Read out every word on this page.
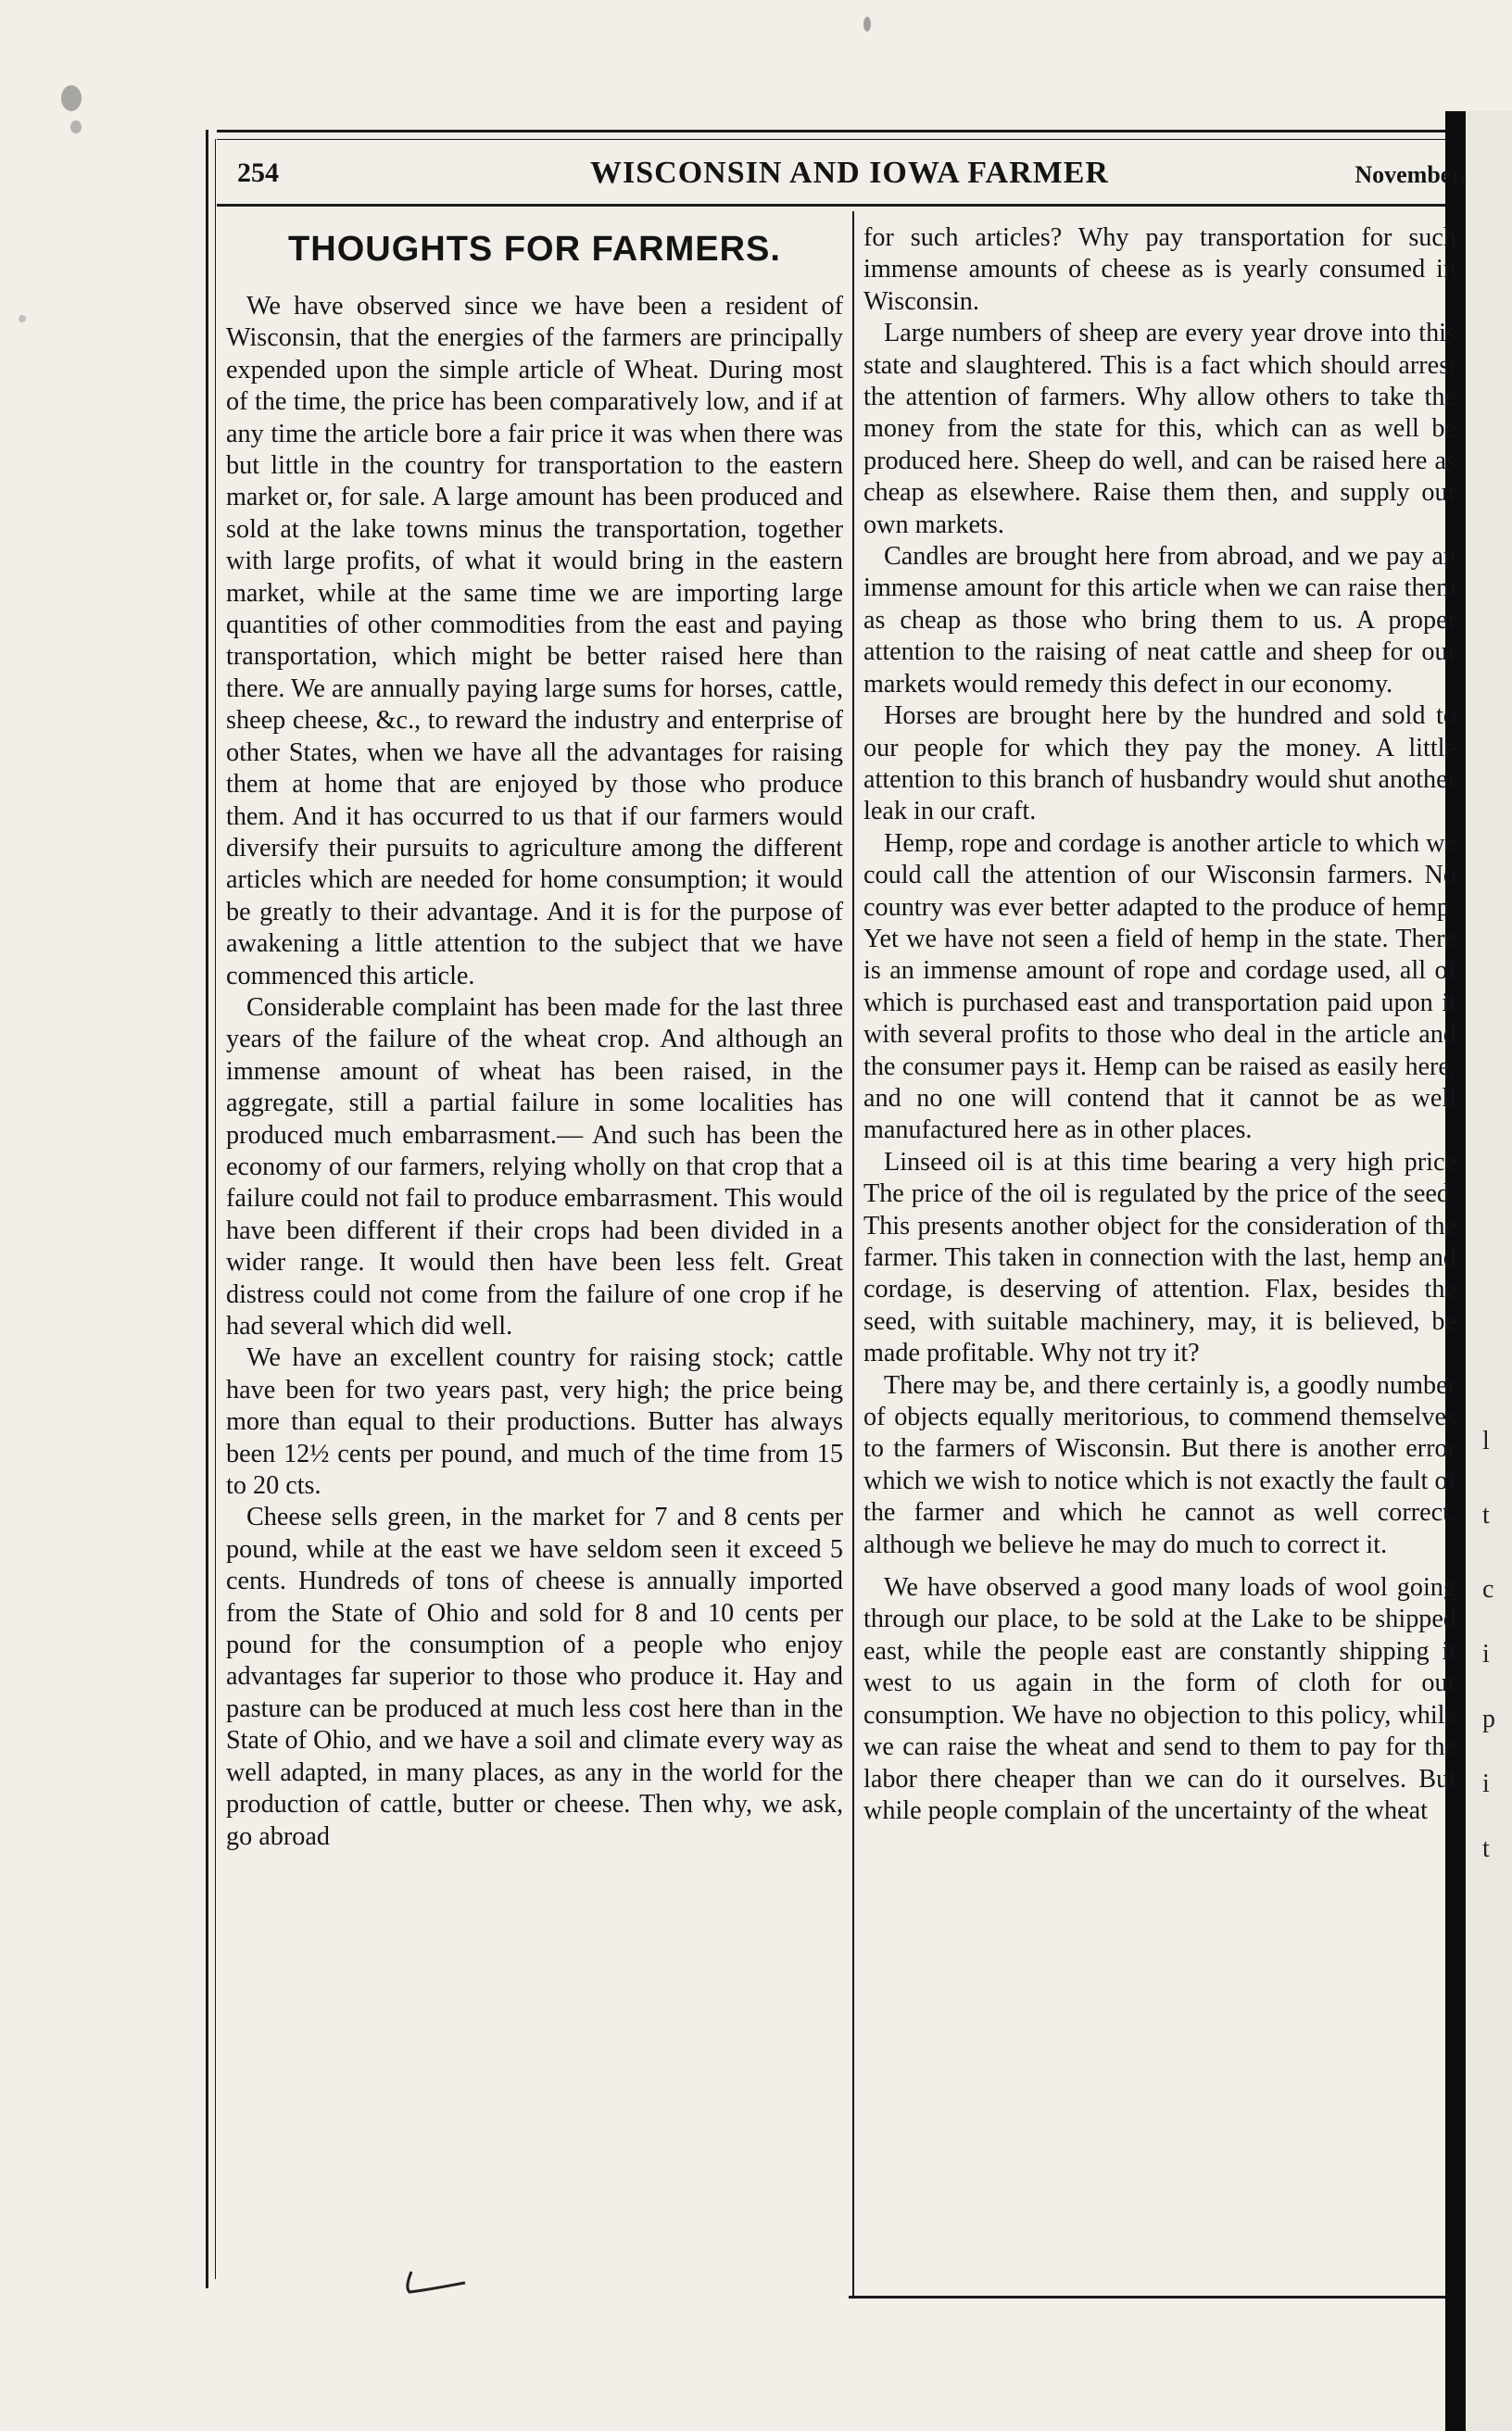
l
t
c
i
p
i
t
254	WISCONSIN AND IOWA FARMER	November,

THOUGHTS FOR FARMERS.

We have observed since we have been a resident of Wisconsin, that the energies of the farmers are principally expended upon the simple article of Wheat. During most of the time, the price has been comparatively low, and if at any time the article bore a fair price it was when there was but little in the country for transportation to the eastern market or, for sale. A large amount has been produced and sold at the lake towns minus the transportation, together with large profits, of what it would bring in the eastern market, while at the same time we are importing large quantities of other commodities from the east and paying transportation, which might be better raised here than there. We are annually paying large sums for horses, cattle, sheep cheese, &c., to reward the industry and enterprise of other States, when we have all the advantages for raising them at home that are enjoyed by those who produce them. And it has occurred to us that if our farmers would diversify their pursuits to agriculture among the different articles which are needed for home consumption; it would be greatly to their advantage. And it is for the purpose of awakening a little attention to the subject that we have commenced this article.

Considerable complaint has been made for the last three years of the failure of the wheat crop. And although an immense amount of wheat has been raised, in the aggregate, still a partial failure in some localities has produced much embarrasment.— And such has been the economy of our farmers, relying wholly on that crop that a failure could not fail to produce embarrasment. This would have been different if their crops had been divided in a wider range. It would then have been less felt. Great distress could not come from the failure of one crop if he had several which did well.

We have an excellent country for raising stock; cattle have been for two years past, very high; the price being more than equal to their productions. Butter has always been 12½ cents per pound, and much of the time from 15 to 20 cts.

Cheese sells green, in the market for 7 and 8 cents per pound, while at the east we have seldom seen it exceed 5 cents. Hundreds of tons of cheese is annually imported from the State of Ohio and sold for 8 and 10 cents per pound for the consumption of a people who enjoy advantages far superior to those who produce it. Hay and pasture can be produced at much less cost here than in the State of Ohio, and we have a soil and climate every way as well adapted, in many places, as any in the world for the production of cattle, butter or cheese. Then why, we ask, go abroad

for such articles? Why pay transportation for such immense amounts of cheese as is yearly consumed in Wisconsin.

Large numbers of sheep are every year drove into this state and slaughtered. This is a fact which should arrest the attention of farmers. Why allow others to take the money from the state for this, which can as well be produced here. Sheep do well, and can be raised here as cheap as elsewhere. Raise them then, and supply our own markets.

Candles are brought here from abroad, and we pay an immense amount for this article when we can raise them as cheap as those who bring them to us. A proper attention to the raising of neat cattle and sheep for our markets would remedy this defect in our economy.

Horses are brought here by the hundred and sold to our people for which they pay the money. A little attention to this branch of husbandry would shut another leak in our craft.

Hemp, rope and cordage is another article to which we could call the attention of our Wisconsin farmers. No country was ever better adapted to the produce of hemp. Yet we have not seen a field of hemp in the state. There is an immense amount of rope and cordage used, all of which is purchased east and transportation paid upon it with several profits to those who deal in the article and the consumer pays it. Hemp can be raised as easily here, and no one will contend that it cannot be as well manufactured here as in other places.

Linseed oil is at this time bearing a very high price The price of the oil is regulated by the price of the seed. This presents another object for the consideration of the farmer. This taken in connection with the last, hemp and cordage, is deserving of attention. Flax, besides the seed, with suitable machinery, may, it is believed, be made profitable. Why not try it?

There may be, and there certainly is, a goodly number of objects equally meritorious, to commend themselves to the farmers of Wisconsin. But there is another error which we wish to notice which is not exactly the fault of the farmer and which he cannot as well correct, although we believe he may do much to correct it.

We have observed a good many loads of wool going through our place, to be sold at the Lake to be shipped east, while the people east are constantly shipping it west to us again in the form of cloth for our consumption. We have no objection to this policy, while we can raise the wheat and send to them to pay for the labor there cheaper than we can do it ourselves. But while people complain of the uncertainty of the wheat
